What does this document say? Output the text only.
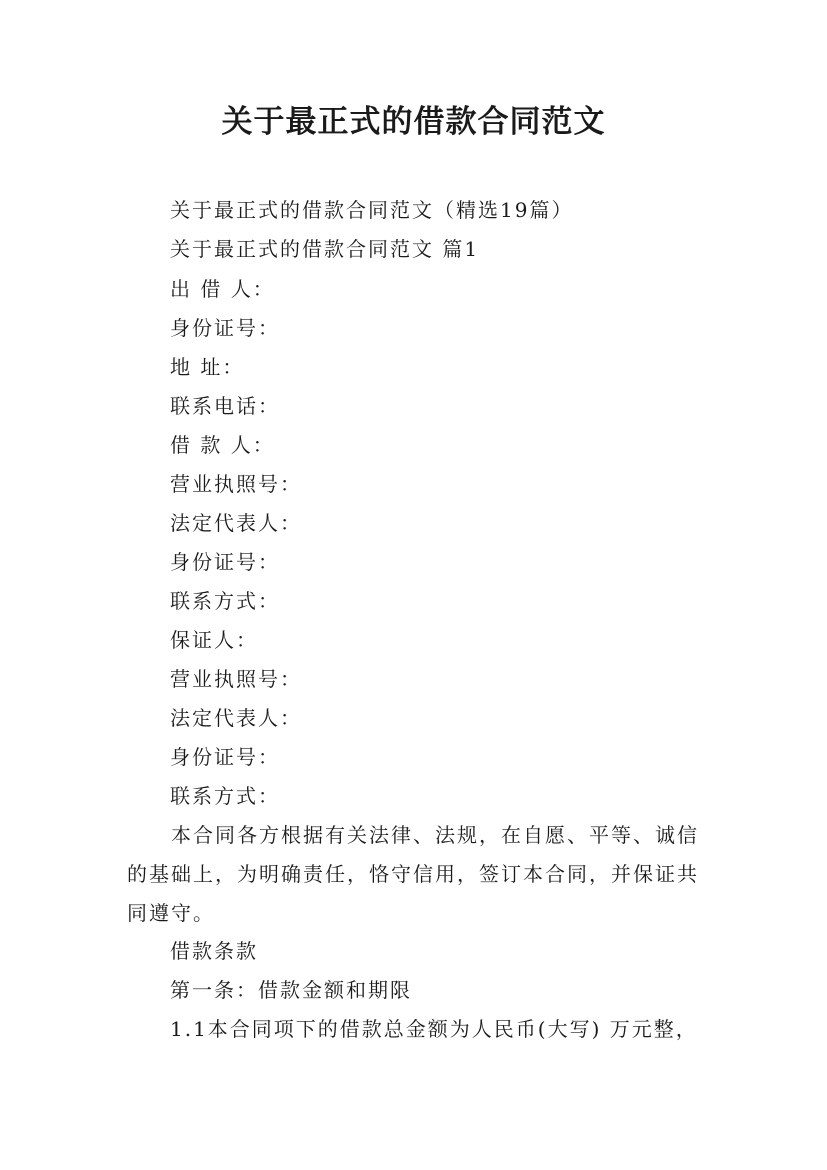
关于最正式的借款合同范文
关于最正式的借款合同范文（精选19篇）
关于最正式的借款合同范文 篇1
出 借 人：
身份证号：
地 址：
联系电话：
借 款 人：
营业执照号：
法定代表人：
身份证号：
联系方式：
保证人：
营业执照号：
法定代表人：
身份证号：
联系方式：
本合同各方根据有关法律、法规，在自愿、平等、诚信的基础上，为明确责任，恪守信用，签订本合同，并保证共同遵守。
借款条款
第一条：借款金额和期限
1.1本合同项下的借款总金额为人民币(大写) 万元整，
